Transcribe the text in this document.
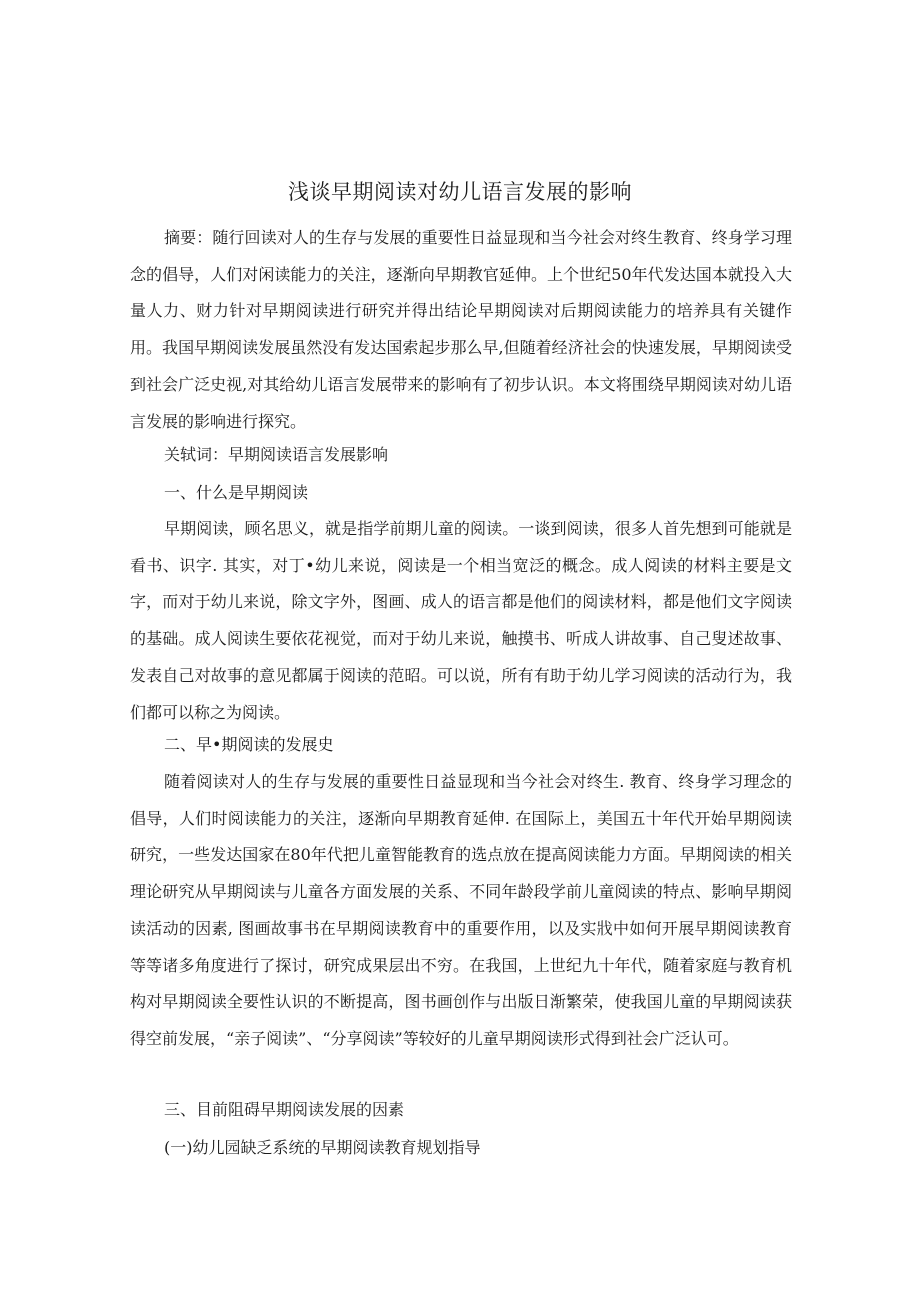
浅谈早期阅读对幼儿语言发展的影响

摘要：随行回读对人的生存与发展的重要性日益显现和当今社会对终生教育、终身学习理念的倡导，人们对闲读能力的关注，逐渐向早期教官延伸。上个世纪50年代发达国本就投入大量人力、财力针对早期阅读进行研究并得出结论早期阅读对后期阅读能力的培养具有关键作用。我国早期阅读发展虽然没有发达国索起步那么早,但随着经济社会的快速发展，早期阅读受到社会广泛史视,对其给幼儿语言发展带来的影响有了初步认识。本文将围绕早期阅读对幼儿语言发展的影响进行探究。

关轼词：早期阅读语言发展影响

一、什么是早期阅读

早期阅读，顾名思义，就是指学前期儿童的阅读。一谈到阅读，很多人首先想到可能就是看书、识字. 其实，对丁•幼儿来说，阅读是一个相当宽泛的概念。成人阅读的材料主要是文字，而对于幼儿来说，除文字外，图画、成人的语言都是他们的阅读材料，都是他们文字阅读的基础。成人阅读生要依花视觉，而对于幼儿来说，触摸书、听成人讲故事、自己叟述故事、发表自己对故事的意见都属于阅读的范昭。可以说，所有有助于幼儿学习阅读的活动行为，我们都可以称之为阅读。

二、早•期阅读的发展史

随着阅读对人的生存与发展的重要性日益显现和当今社会对终生. 教育、终身学习理念的倡导，人们时阅读能力的关注，逐渐向早期教育延伸. 在国际上，美国五十年代开始早期阅读研究，一些发达国家在80年代把儿童智能教育的选点放在提高阅读能力方面。早期阅读的相关理论研究从早期阅读与儿童各方面发展的关系、不同年龄段学前儿童阅读的特点、影响早期阅读活动的因素, 图画故事书在早期阅读教育中的重要作用，以及实戕中如何开展早期阅读教育等等诸多角度进行了探讨，研究成果层出不穷。在我国，上世纪九十年代，随着家庭与教育机构对早期阅读全要性认识的不断提高，图书画创作与出版日渐繁荣，使我国儿童的早期阅读获得空前发展，“亲子阅读”、“分享阅读”等较好的儿童早期阅读形式得到社会广泛认可。

三、目前阻碍早期阅读发展的因素

(一)幼儿园缺乏系统的早期阅读教育规划指导
